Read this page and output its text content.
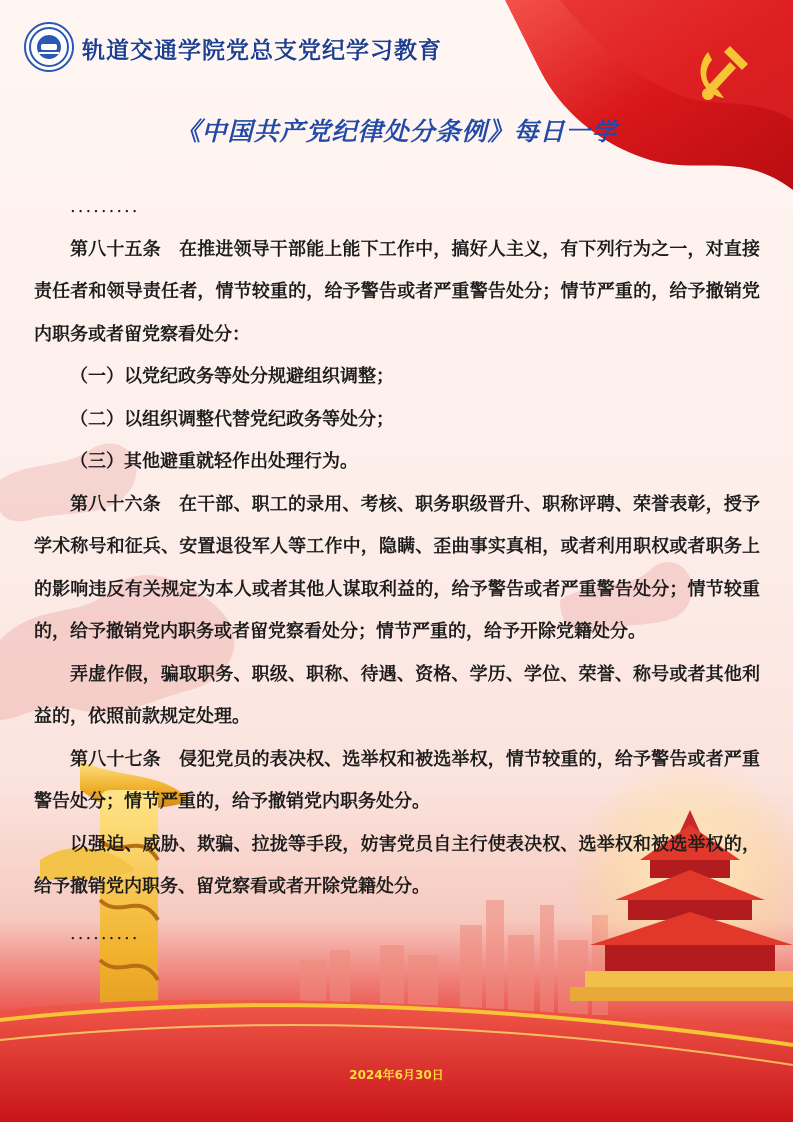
轨道交通学院党总支党纪学习教育
《中国共产党纪律处分条例》每日一学

.........

第八十五条　在推进领导干部能上能下工作中，搞好人主义，有下列行为之一，对直接责任者和领导责任者，情节较重的，给予警告或者严重警告处分；情节严重的，给予撤销党内职务或者留党察看处分：

（一）以党纪政务等处分规避组织调整；

（二）以组织调整代替党纪政务等处分；

（三）其他避重就轻作出处理行为。

第八十六条　在干部、职工的录用、考核、职务职级晋升、职称评聘、荣誉表彰，授予学术称号和征兵、安置退役军人等工作中，隐瞒、歪曲事实真相，或者利用职权或者职务上的影响违反有关规定为本人或者其他人谋取利益的，给予警告或者严重警告处分；情节较重的，给予撤销党内职务或者留党察看处分；情节严重的，给予开除党籍处分。

弄虚作假，骗取职务、职级、职称、待遇、资格、学历、学位、荣誉、称号或者其他利益的，依照前款规定处理。

第八十七条　侵犯党员的表决权、选举权和被选举权，情节较重的，给予警告或者严重警告处分；情节严重的，给予撤销党内职务处分。

以强迫、威胁、欺骗、拉拢等手段，妨害党员自主行使表决权、选举权和被选举权的，给予撤销党内职务、留党察看或者开除党籍处分。

.........

2024年6月30日
